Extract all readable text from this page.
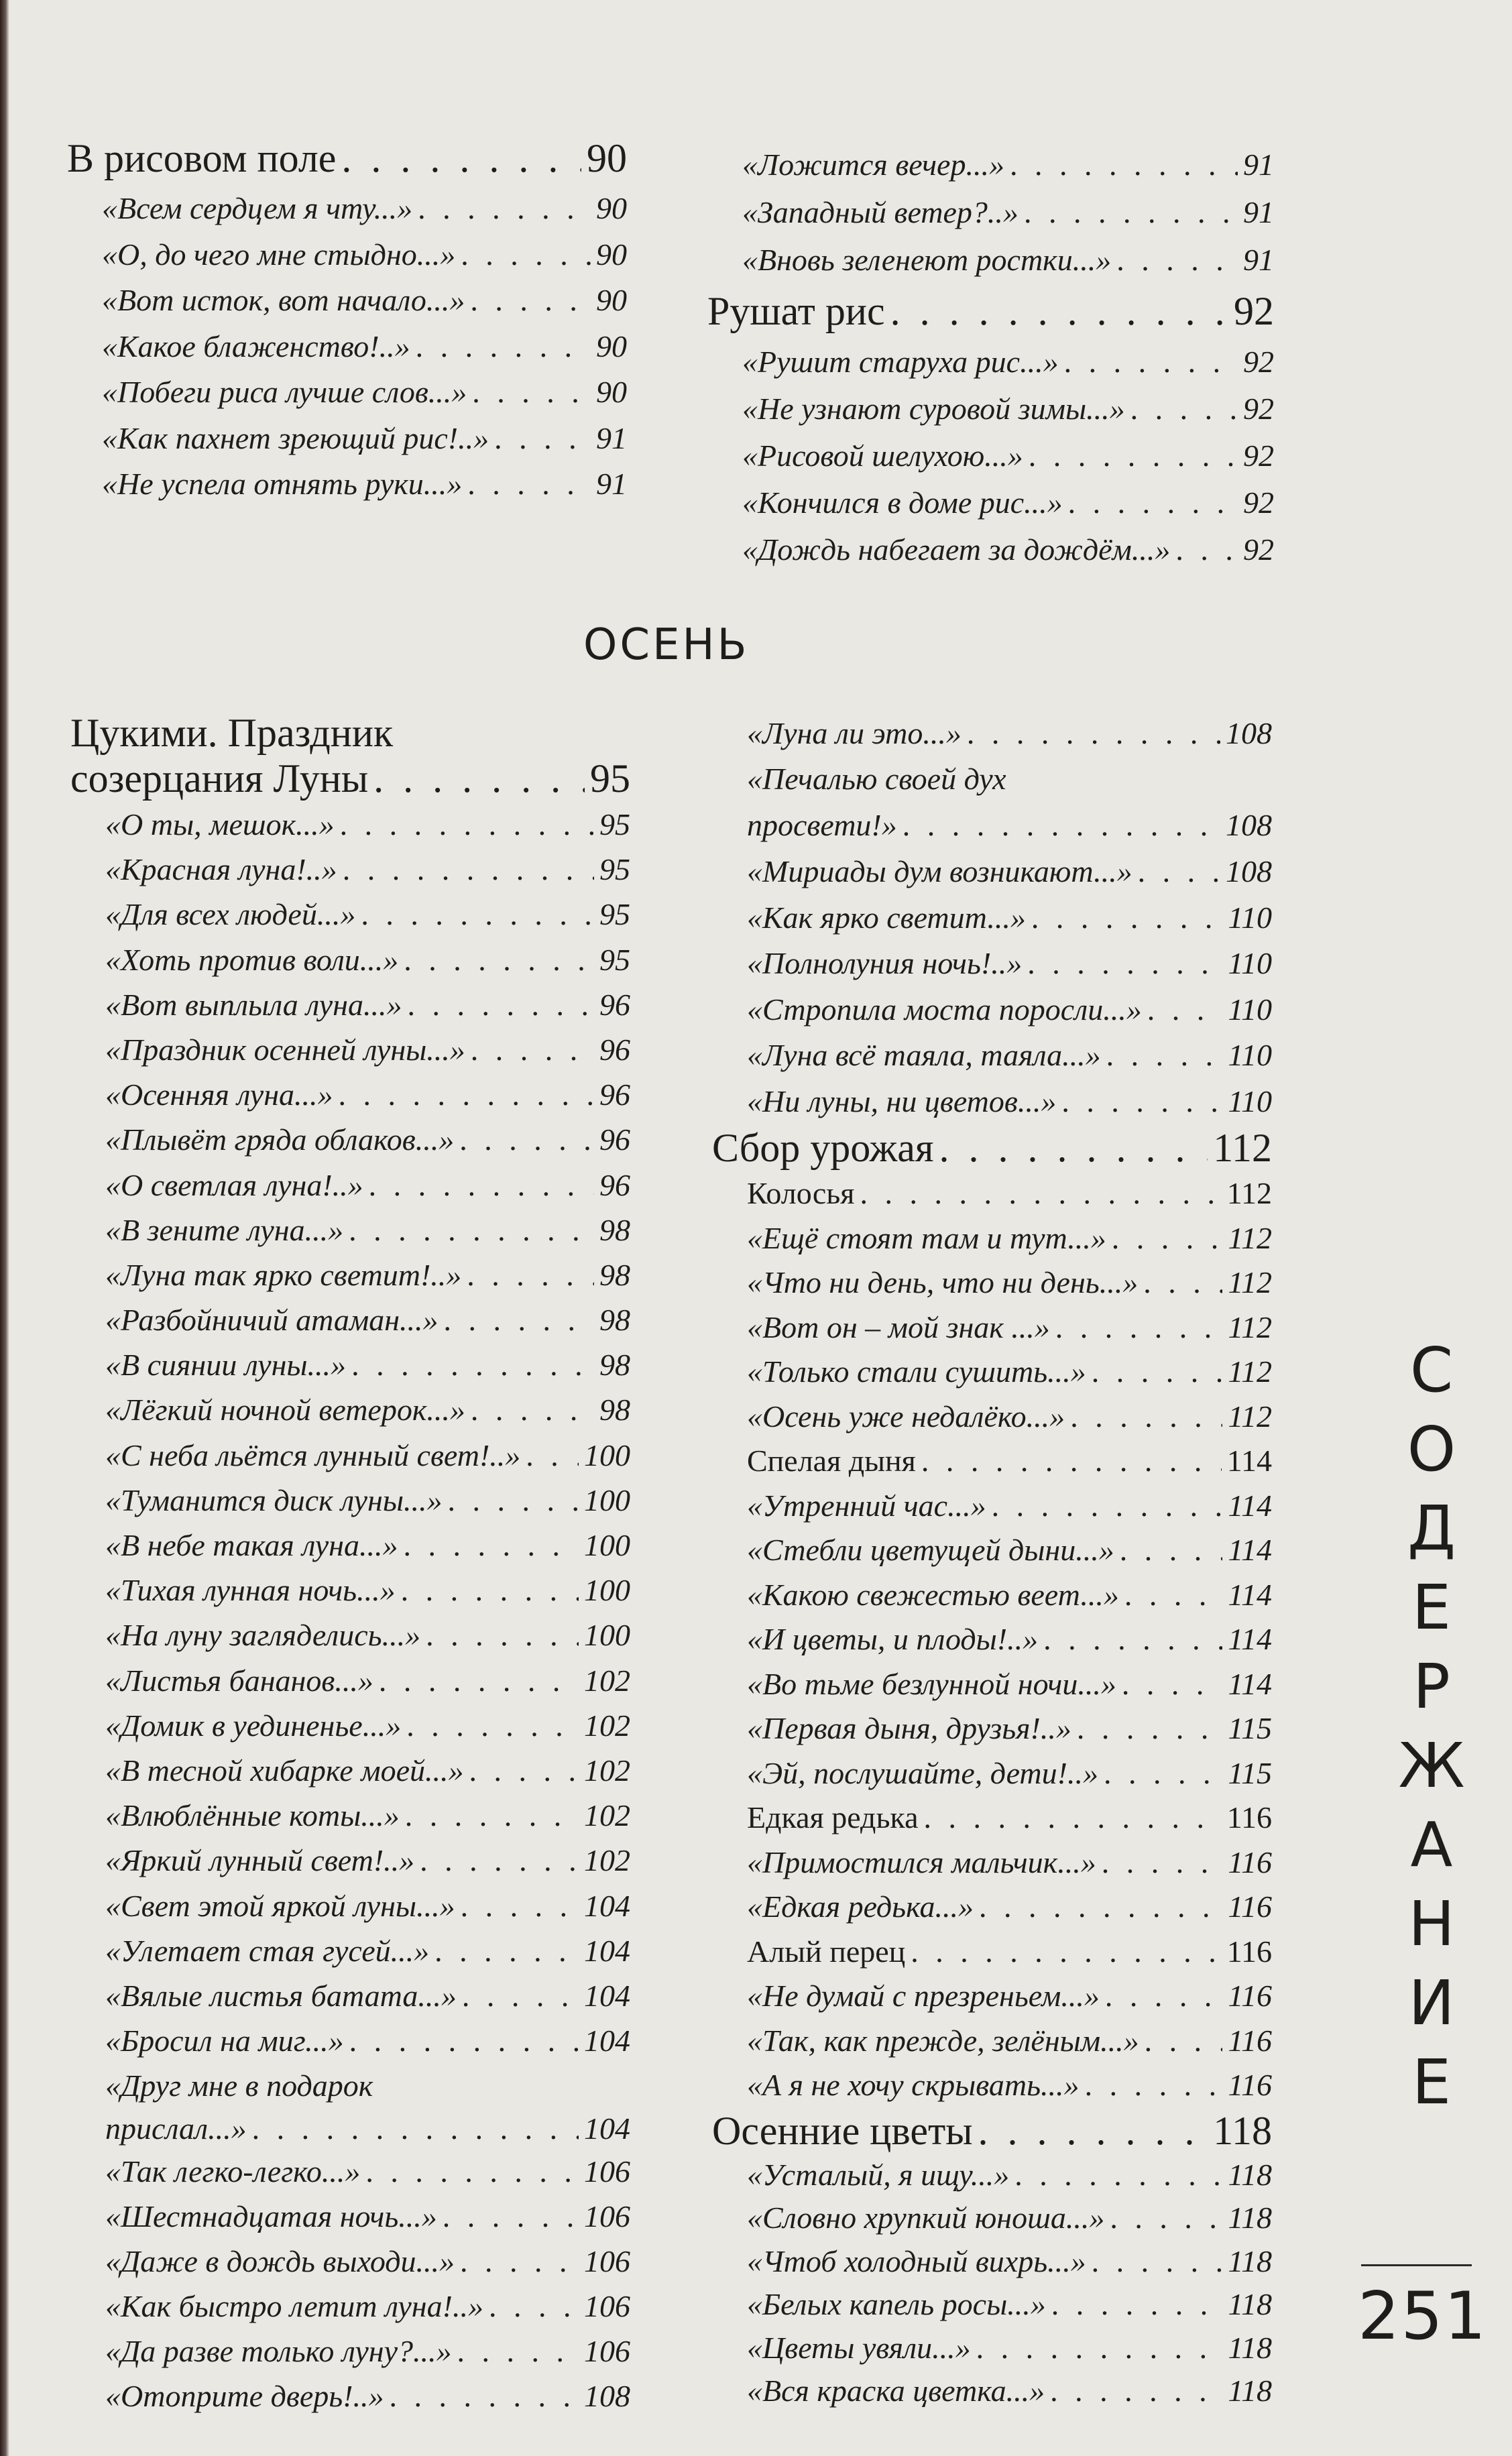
В рисовом поле . . .	90
«Всем сердцем я чту...» . . .	90
«О, до чего мне стыдно...» . . .	90
«Вот исток, вот начало...» . . .	90
«Какое блаженство!..» . . .	90
«Побеги риса лучше слов...» . . .	90
«Как пахнет зреющий рис!..» . . .	91
«Не успела отнять руки...» . . .	91
«Ложится вечер...» . . .	91
«Западный ветер?..» . . .	91
«Вновь зеленеют ростки...» . . .	91
Рушат рис . . .	92
«Рушит старуха рис...» . . .	92
«Не узнают суровой зимы...» . . .	92
«Рисовой шелухою...» . . .	92
«Кончился в доме рис...» . . .	92
«Дождь набегает за дождём...» . . . 92
ОСЕНЬ
Цукими. Праздник
созерцания Луны . . .	95
«О ты, мешок...» . . .	95
«Красная луна!..» . . .	95
«Для всех людей...» . . .	95
«Хоть против воли...» . . .	95
«Вот выплыла луна...» . . .	96
«Праздник осенней луны...» . . .	96
«Осенняя луна...» . . .	96
«Плывёт гряда облаков...» . . .	96
«О светлая луна!..» . . .	96
«В зените луна...» . . .	98
«Луна так ярко светит!..» . . .	98
«Разбойничий атаман...» . . .	98
«В сиянии луны...» . . .	98
«Лёгкий ночной ветерок...» . . .	98
«С неба льётся лунный свет!..» . . . 100
«Туманится диск луны...» . . .	100
«В небе такая луна...» . . .	100
«Тихая лунная ночь...» . . .	100
«На луну загляделись...» . . .	100
«Листья бананов...» . . .	102
«Домик в уединенье...» . . .	102
«В тесной хибарке моей...» . . .	102
«Влюблённые коты...» . . .	102
«Яркий лунный свет!..» . . .	102
«Свет этой яркой луны...» . . .	104
«Улетает стая гусей...» . . .	104
«Вялые листья батата...» . . .	104
«Бросил на миг...» . . .	104
«Друг мне в подарок
прислал...» . . .	104
«Так легко-легко...» . . .	106
«Шестнадцатая ночь...» . . .	106
«Даже в дождь выходи...» . . .	106
«Как быстро летит луна!..» . . .	106
«Да разве только луну?...» . . .	106
«Отоприте дверь!..» . . .	108
«Луна ли это...» . . .	108
«Печалью своей дух
просвети!» . . .	108
«Мириады дум возникают...» . . .	108
«Как ярко светит...» . . .	110
«Полнолуния ночь!..» . . .	110
«Стропила моста поросли...» . . .	110
«Луна всё таяла, таяла...» . . .	110
«Ни луны, ни цветов...» . . .	110
Сбор урожая . . .	112
Колосья . . .	112
«Ещё стоят там и тут...» . . .	112
«Что ни день, что ни день...» . . .	112
«Вот он – мой знак ...» . . .	112
«Только стали сушить...» . . .	112
«Осень уже недалёко...» . . .	112
Спелая дыня . . .	114
«Утренний час...» . . .	114
«Стебли цветущей дыни...» . . .	114
«Какою свежестью веет...» . . .	114
«И цветы, и плоды!..» . . .	114
«Во тьме безлунной ночи...» . . .	114
«Первая дыня, друзья!..» . . .	115
«Эй, послушайте, дети!..» . . .	115
Едкая редька . . .	116
«Примостился мальчик...» . . .	116
«Едкая редька...» . . .	116
Алый перец . . .	116
«Не думай с презреньем...» . . .	116
«Так, как прежде, зелёным...» . . .	116
«А я не хочу скрывать...» . . .	116
Осенние цветы . . .	118
«Усталый, я ищу...» . . .	118
«Словно хрупкий юноша...» . . .	118
«Чтоб холодный вихрь...» . . .	118
«Белых капель росы...» . . .	118
«Цветы увяли...» . . .	118
«Вся краска цветка...» . . .	118
С
О
Д
Е
Р
Ж
А
Н
И
Е
251
